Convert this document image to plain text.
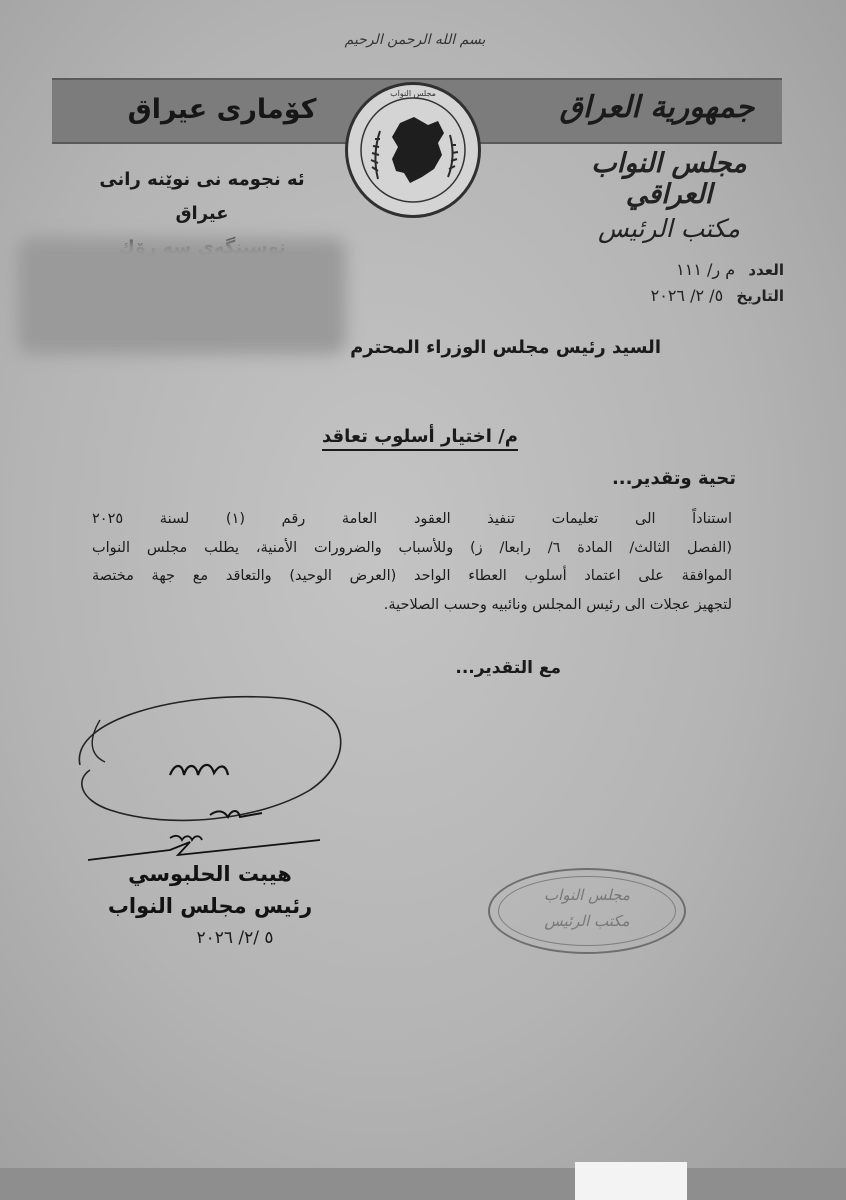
بسم الله الرحمن الرحيم
جمهورية العراق
كۆماری عیراق
مجلس النواب
مجلس النواب العراقي
مكتب الرئيس
ئه نجومه نی نوێنه رانی عیراق
العدد م ر/ ١١١
التاريخ ٥/ ٢/ ٢٠٢٦
السيد رئيس مجلس الوزراء المحترم
م/ اختيار أسلوب تعاقد
تحية وتقدير...
استناداً الى تعليمات تنفيذ العقود العامة رقم (١) لسنة ٢٠٢٥
(الفصل الثالث/ المادة ٦/ رابعا/ ز) وللأسباب والضرورات الأمنية، يطلب مجلس النواب
الموافقة على اعتماد أسلوب العطاء الواحد (العرض الوحيد) والتعاقد مع جهة مختصة
لتجهيز عجلات الى رئيس المجلس ونائبيه وحسب الصلاحية.
مع التقدير...
هيبت الحلبوسي
رئيس مجلس النواب
٥ /٢/ ٢٠٢٦
مجلس النواب
مكتب الرئيس
